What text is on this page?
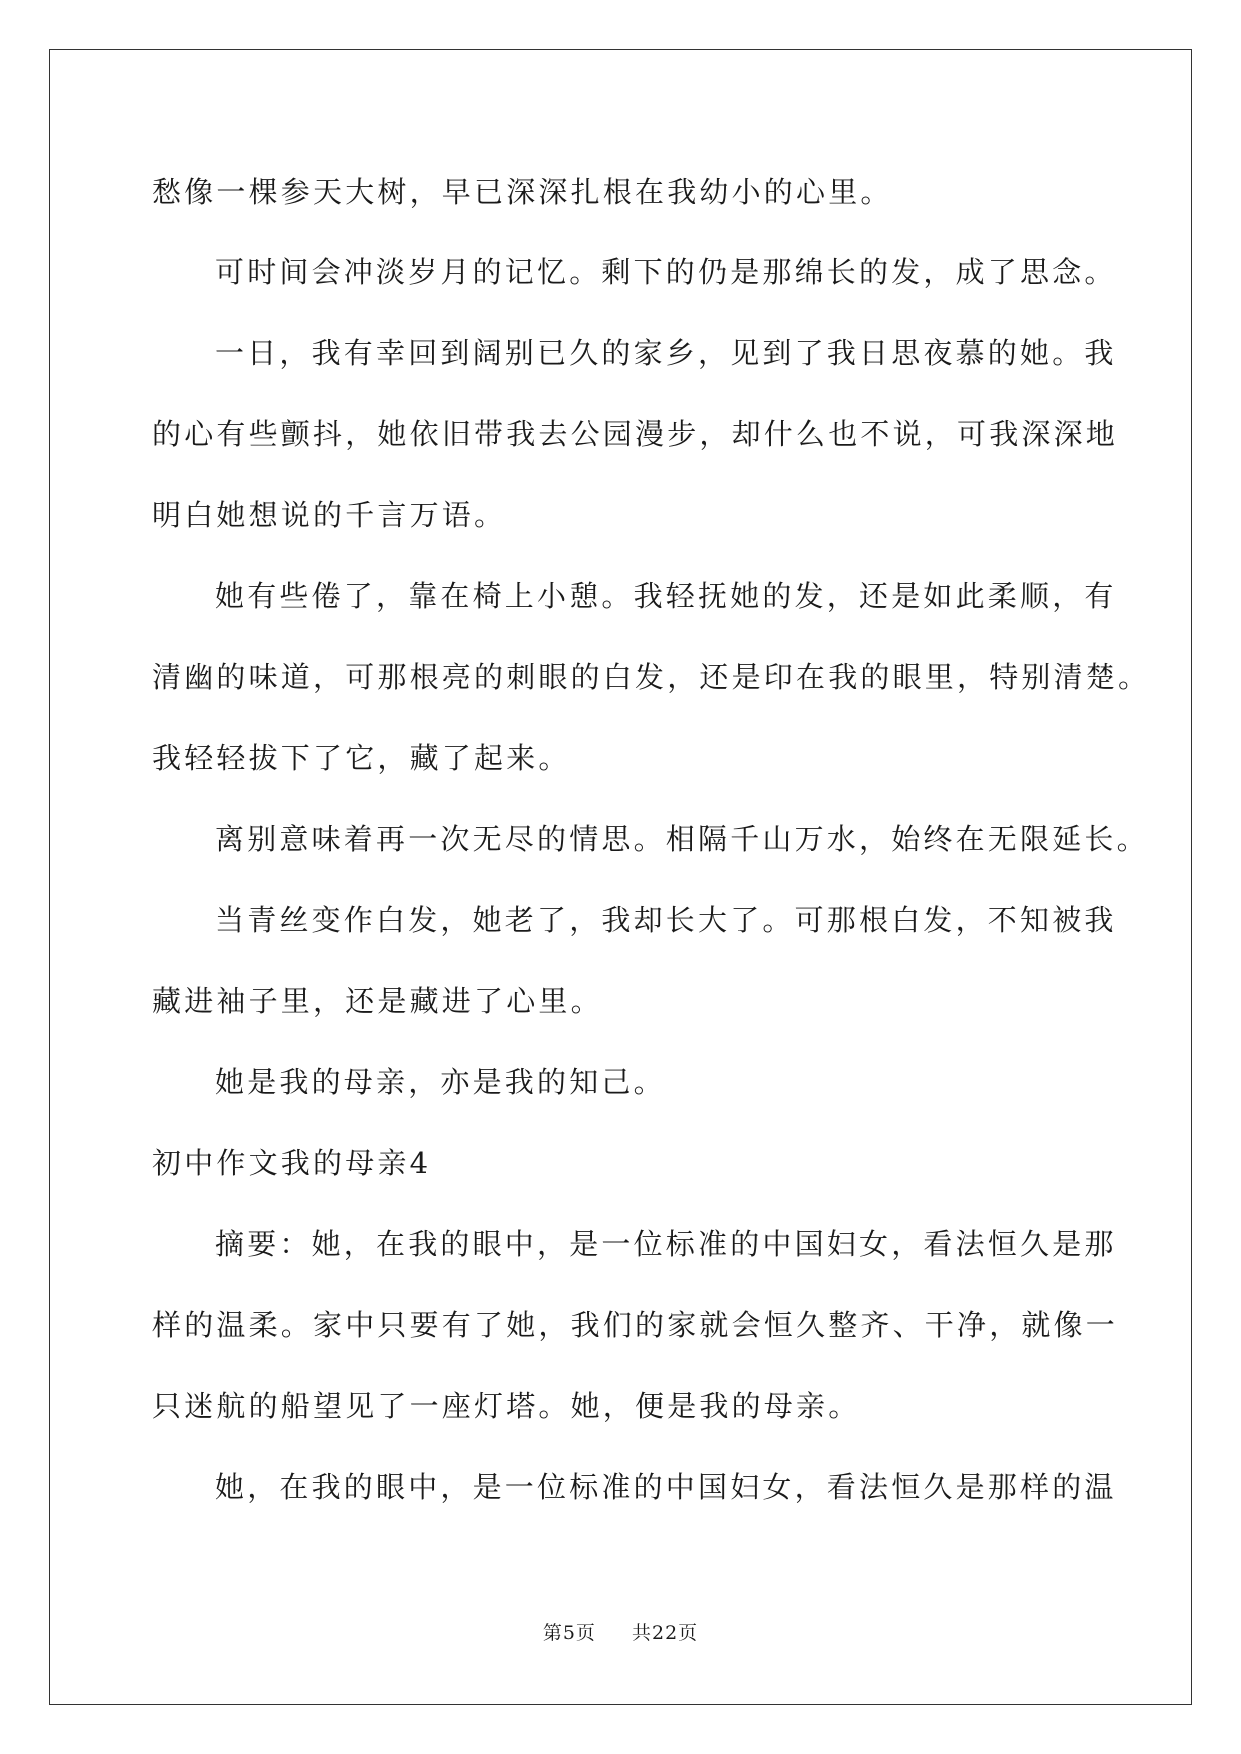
愁像一棵参天大树，早已深深扎根在我幼小的心里。
可时间会冲淡岁月的记忆。剩下的仍是那绵长的发，成了思念。
一日，我有幸回到阔别已久的家乡，见到了我日思夜慕的她。我
的心有些颤抖，她依旧带我去公园漫步，却什么也不说，可我深深地
明白她想说的千言万语。
她有些倦了，靠在椅上小憩。我轻抚她的发，还是如此柔顺，有
清幽的味道，可那根亮的刺眼的白发，还是印在我的眼里，特别清楚。
我轻轻拔下了它，藏了起来。
离别意味着再一次无尽的情思。相隔千山万水，始终在无限延长。
当青丝变作白发，她老了，我却长大了。可那根白发，不知被我
藏进袖子里，还是藏进了心里。
她是我的母亲，亦是我的知己。
初中作文我的母亲4
摘要：她，在我的眼中，是一位标准的中国妇女，看法恒久是那
样的温柔。家中只要有了她，我们的家就会恒久整齐、干净，就像一
只迷航的船望见了一座灯塔。她，便是我的母亲。
她，在我的眼中，是一位标准的中国妇女，看法恒久是那样的温
第5页 共22页
